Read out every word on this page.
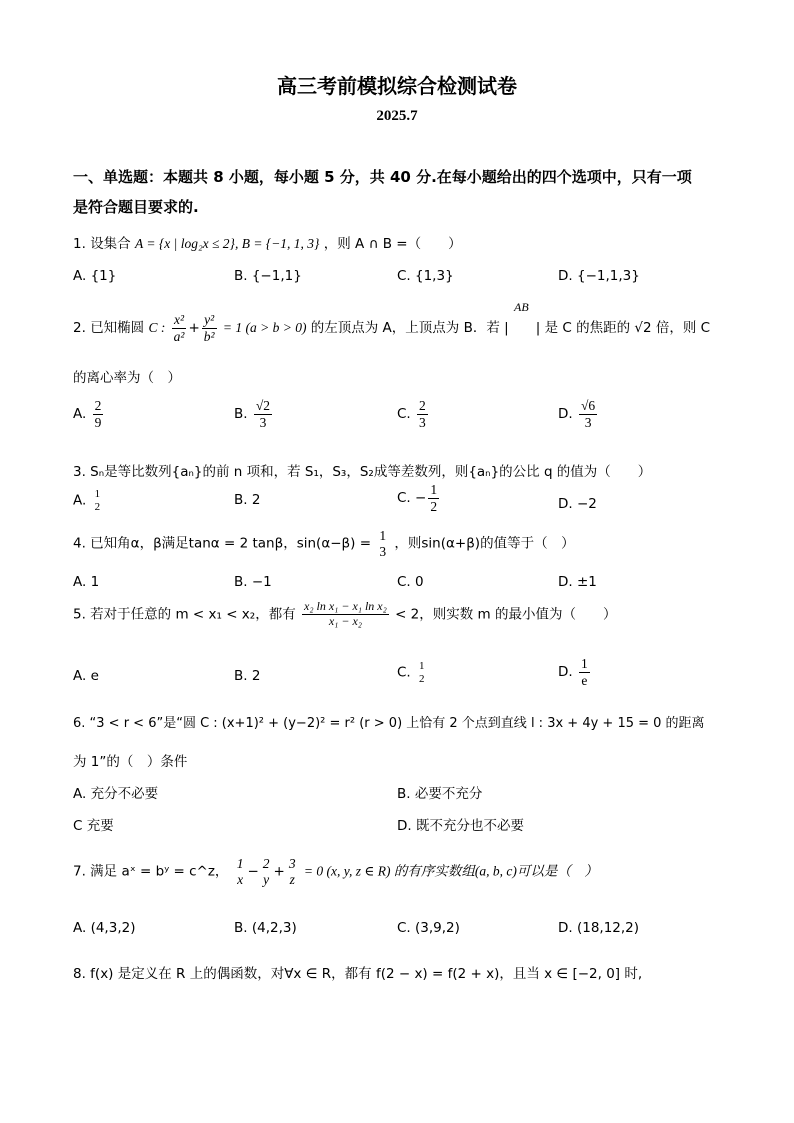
高三考前模拟综合检测试卷
2025.7
一、单选题：本题共 8 小题，每小题 5 分，共 40 分.在每小题给出的四个选项中，只有一项
是符合题目要求的.
1. 设集合 A = {x | log₂x ≤ 2}, B = {−1, 1, 3} ，则 A ∩ B =（　　）
A. {1}	B. {−1,1}	C. {1,3}	D. {−1,1,3}
AB
2. 已知椭圆 C : $\frac{\text{x²}}{\text{a²}} + \frac{\text{y²}}{\text{b²}} = 1$ (a > b > 0) 的左顶点为 A，上顶点为 B．若 |　　| 是 C 的焦距的 √2 倍，则 C
的离心率为（　）
A. $\frac{2}{9}$	B. $\frac{√2}{3}$	C. $\frac{2}{3}$	D. $\frac{√6}{3}$
3. Sₙ是等比数列{aₙ}的前 n 项和，若 S₁，S₃，S₂成等差数列，则{aₙ}的公比 q 的值为（　　）
A. 1
2	B. 2	C. − $\frac{1}{2}$	D. −2
4. 已知角α，β满足tanα = 2 tanβ，sin(α−β) =
1
3 ，则sin(α+β)的值等于（　）
A. 1	B. −1	C. 0	D. ±1
5. 若对于任意的 m < x₁ < x₂，都有 $\frac{\text{x₂ ln x₁ − x₁ ln x₂}}{\text{x₁ − x₂}} < 2$，则实数 m 的最小值为（　　）
A. e	B. 2	C. 1
2	D. $\frac{1}{e}$
6. “3 < r < 6”是“圆 C : (x+1)² + (y−2)² = r² (r > 0) 上恰有 2 个点到直线 l : 3x + 4y + 15 = 0 的距离
为 1”的（　）条件
A. 充分不必要	B. 必要不充分
C 充要	D. 既不充分也不必要
7. 满足 aˣ = bʸ = c^z，
1
x −
2
y +
3
z
= 0 (x, y, z ∈ R) 的有序实数组(a, b, c)可以是（　）
A. (4,3,2)	B. (4,2,3)	C. (3,9,2)	D. (18,12,2)
8. f(x) 是定义在 R 上的偶函数，对∀x ∈ R，都有 f(2 − x) = f(2 + x)，且当 x ∈ [−2, 0] 时,
